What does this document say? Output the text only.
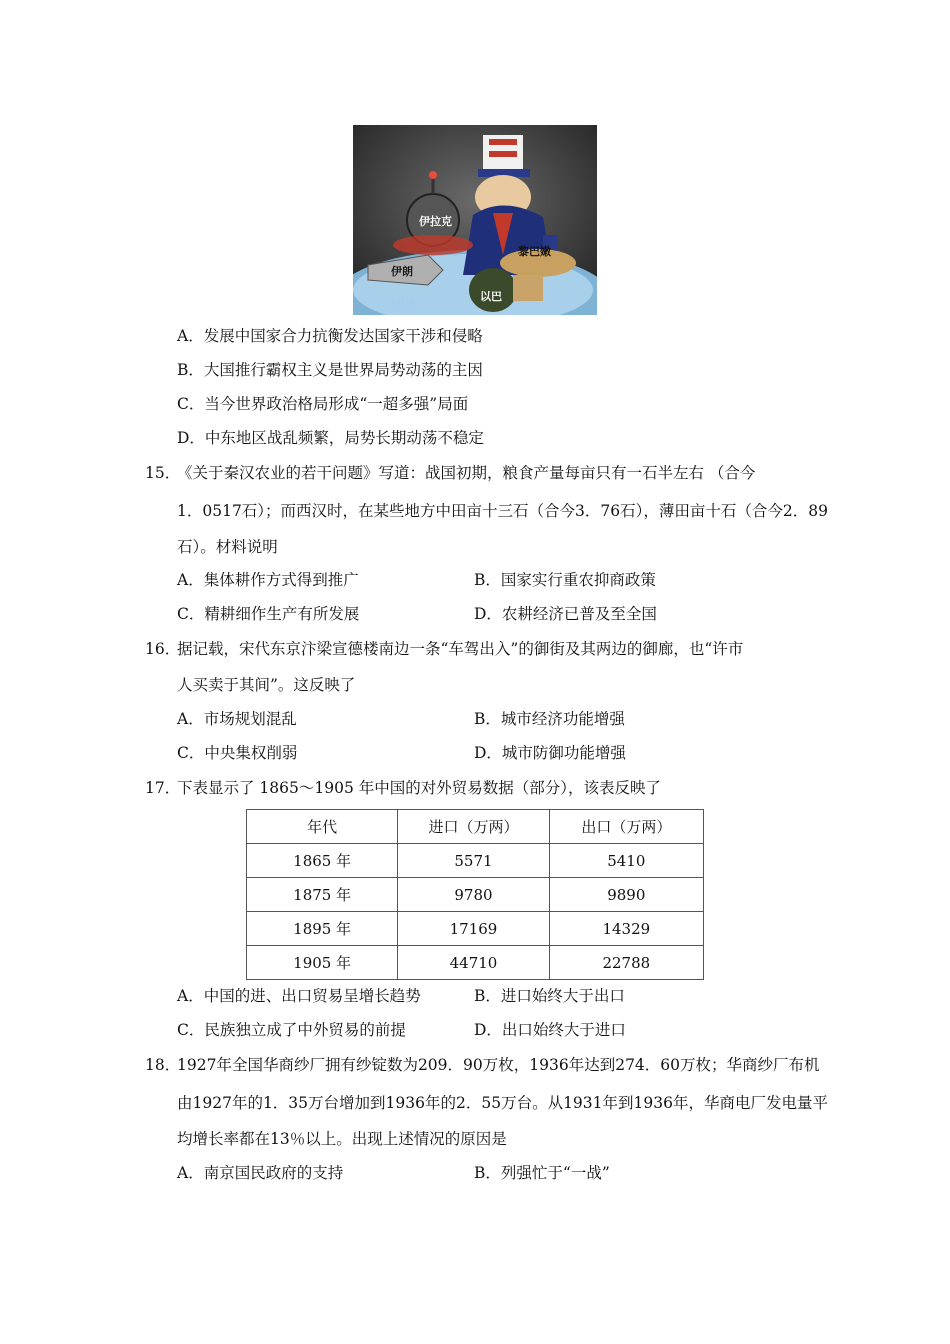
伊拉克
黎巴嫩
伊朗
以巴
大江网
A．发展中国家合力抗衡发达国家干涉和侵略
B．大国推行霸权主义是世界局势动荡的主因
C．当今世界政治格局形成“一超多强”局面
D．中东地区战乱频繁，局势长期动荡不稳定
15．
《关于秦汉农业的若干问题》写道：战国初期，粮食产量每亩只有一石半左右 （合今
1．0517石）；而西汉时，在某些地方中田亩十三石（合今3．76石），薄田亩十石（合今2．89
石）。材料说明
A．集体耕作方式得到推广	B．国家实行重农抑商政策
C．精耕细作生产有所发展	D．农耕经济已普及至全国
16．
据记载，宋代东京汴梁宣德楼南边一条“车驾出入”的御街及其两边的御廊，也“许市
人买卖于其间”。这反映了
A．市场规划混乱	B．城市经济功能增强
C．中央集权削弱	D．城市防御功能增强
17．
下表显示了 1865～1905 年中国的对外贸易数据（部分），该表反映了
年代	进口（万两）	出口（万两）
1865 年	5571	5410
1875 年	9780	9890
1895 年	17169	14329
1905 年	44710	22788
A．中国的进、出口贸易呈增长趋势	B．进口始终大于出口
C．民族独立成了中外贸易的前提	D．出口始终大于进口
18．
1927年全国华商纱厂拥有纱锭数为209．90万枚，1936年达到274．60万枚；华商纱厂布机
由1927年的1．35万台增加到1936年的2．55万台。从1931年到1936年，华商电厂发电量平
均增长率都在13％以上。出现上述情况的原因是
A．南京国民政府的支持	B．列强忙于“一战”
